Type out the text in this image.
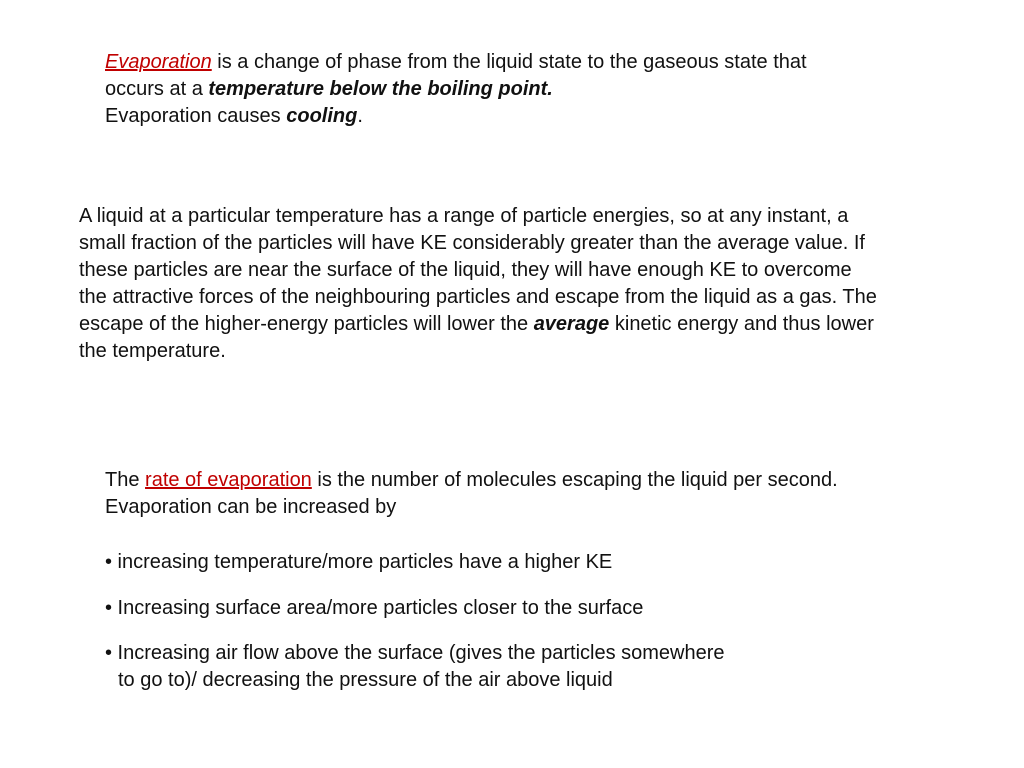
Evaporation is a change of phase from the liquid state to the gaseous state that
occurs at a temperature below the boiling point.
Evaporation causes cooling.
A liquid at a particular temperature has a range of particle energies, so at any instant, a
small fraction of the particles will have KE considerably greater than the average value. If
these particles are near the surface of the liquid, they will have enough KE to overcome
the attractive forces of the neighbouring particles and escape from the liquid as a gas. The
escape of the higher-energy particles will lower the average kinetic energy and thus lower
the temperature.
The rate of evaporation is the number of molecules escaping the liquid per second.
Evaporation can be increased by
• increasing temperature/more particles have a higher KE
• Increasing surface area/more particles closer to the surface
• Increasing air flow above the surface (gives the particles somewhere
to go to)/ decreasing the pressure of the air above liquid
